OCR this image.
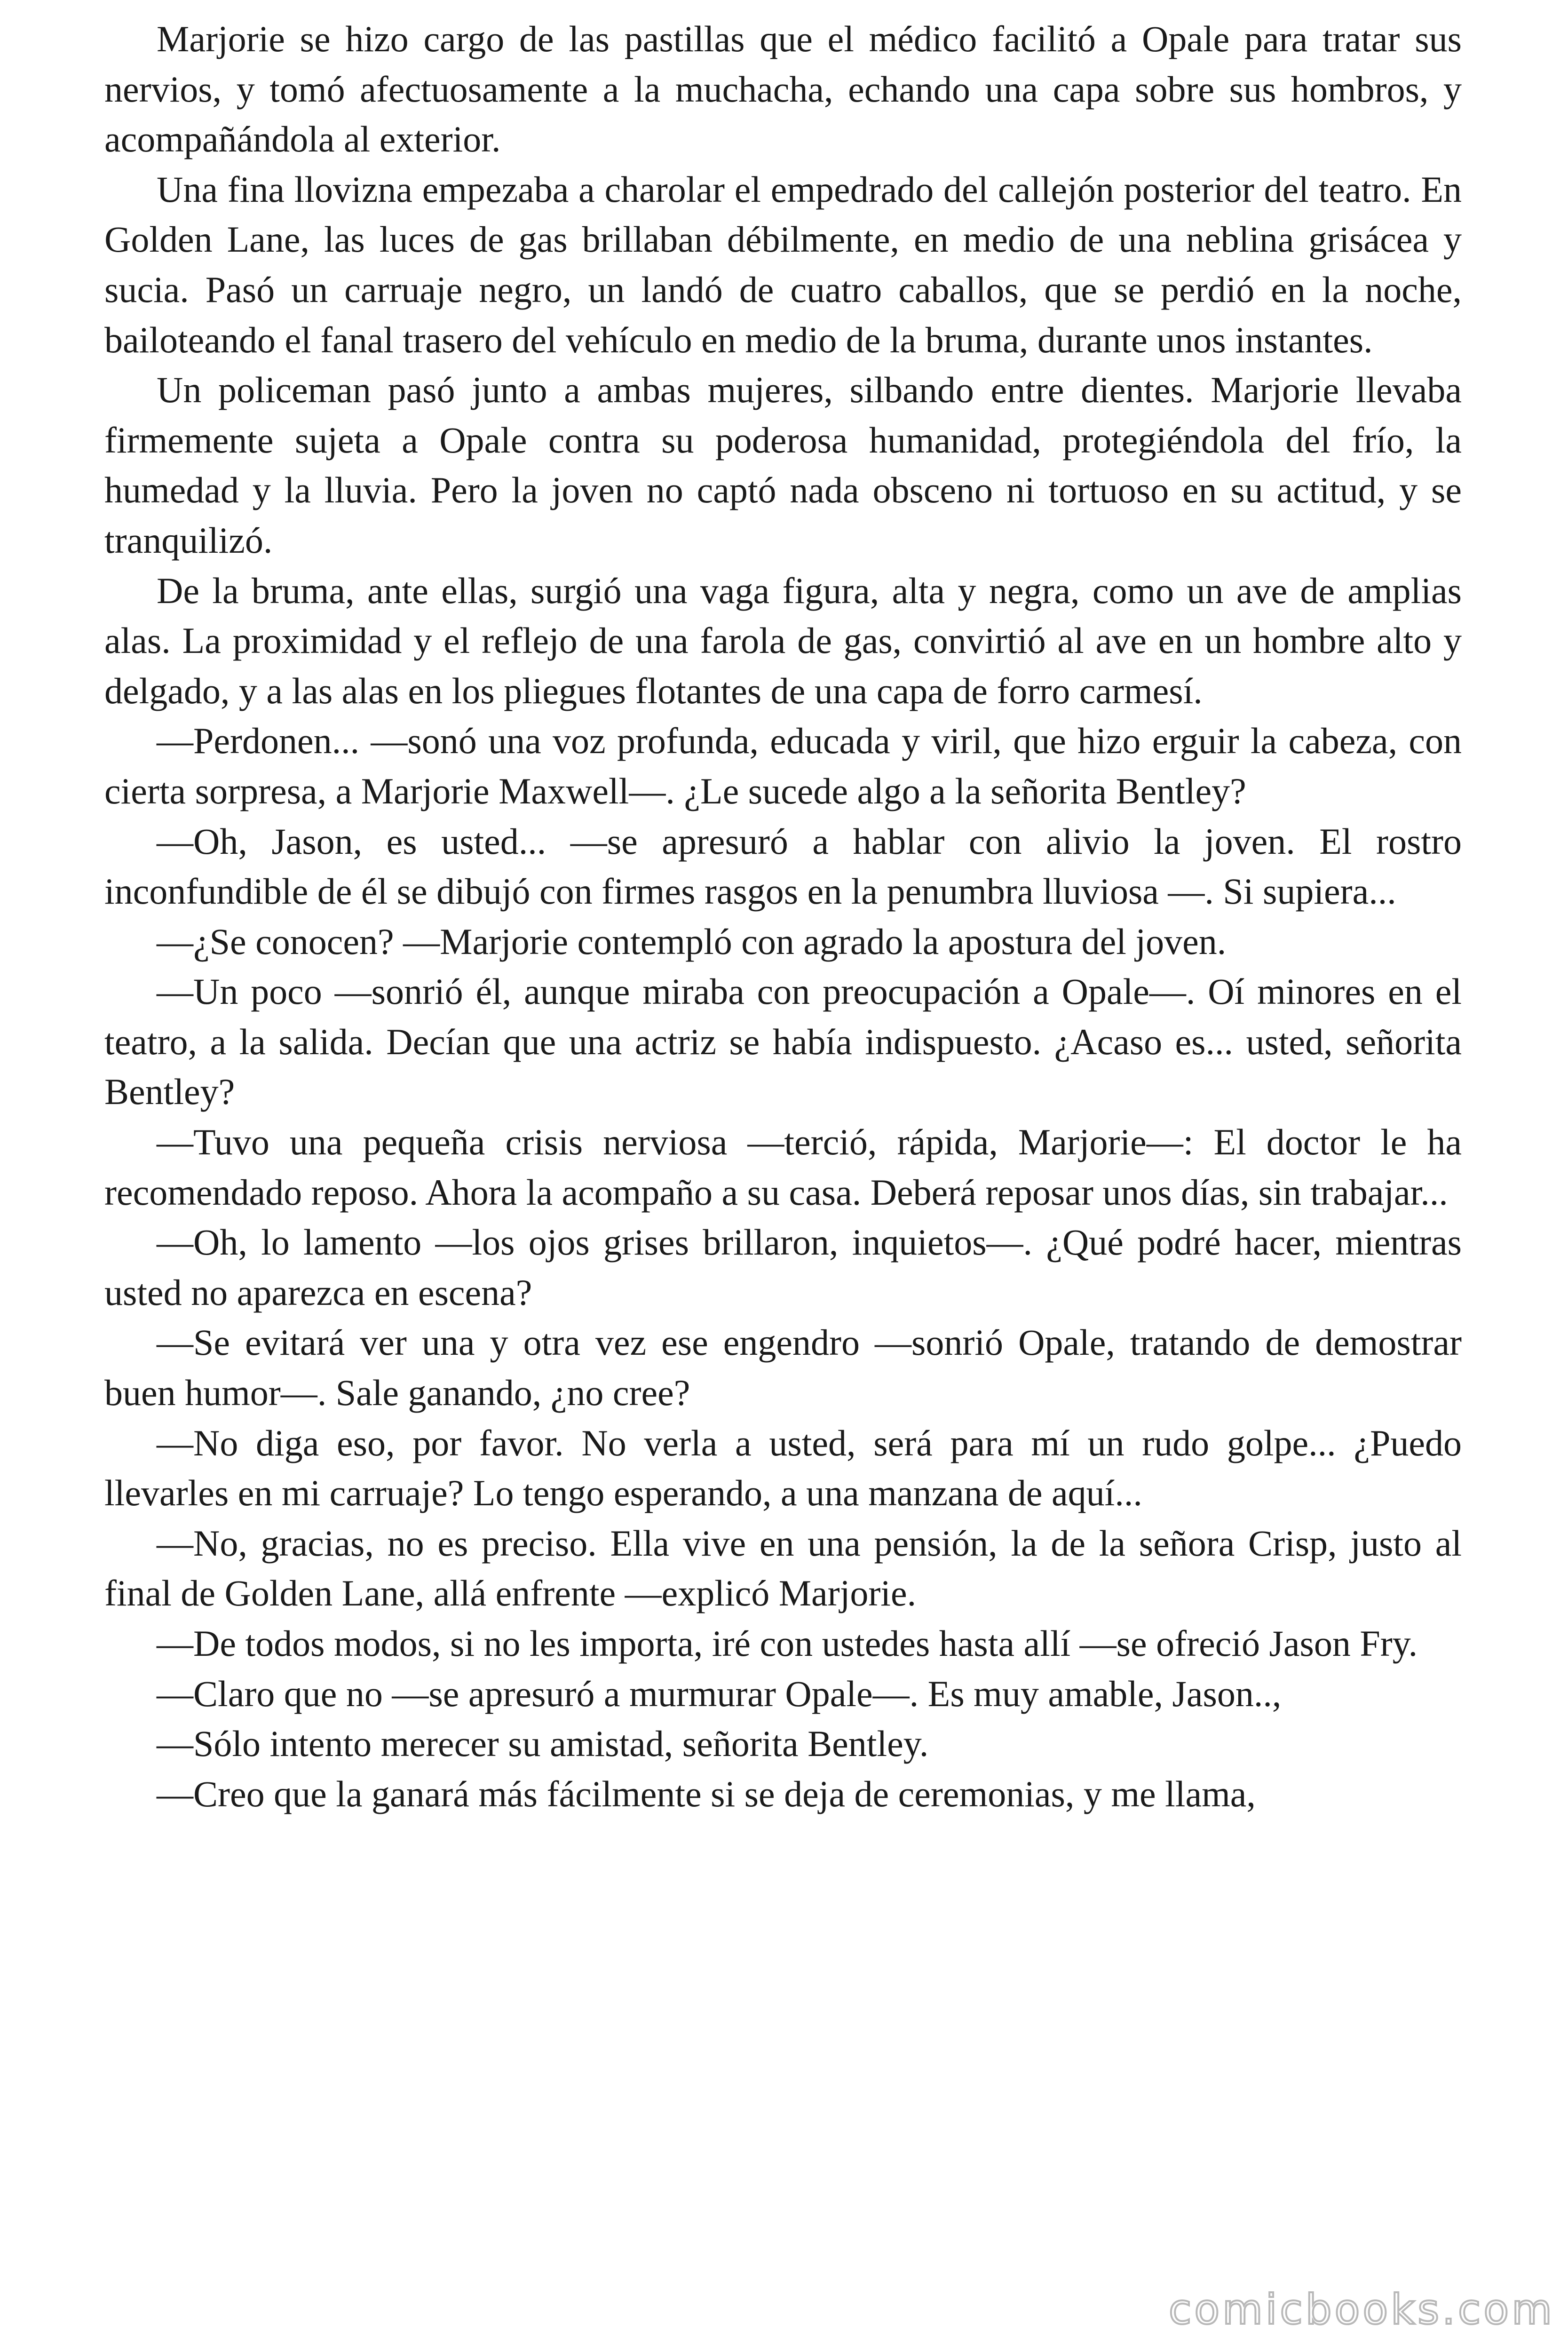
Marjorie se hizo cargo de las pastillas que el médico facilitó a Opale para tratar sus nervios, y tomó afectuosamente a la muchacha, echando una capa sobre sus hombros, y acompañándola al exterior.

Una fina llovizna empezaba a charolar el empedrado del callejón posterior del teatro. En Golden Lane, las luces de gas brillaban débilmente, en medio de una neblina grisácea y sucia. Pasó un carruaje negro, un landó de cuatro caballos, que se perdió en la noche, bailoteando el fanal trasero del vehículo en medio de la bruma, durante unos instantes.

Un policeman pasó junto a ambas mujeres, silbando entre dientes. Marjorie llevaba firmemente sujeta a Opale contra su poderosa humanidad, protegiéndola del frío, la humedad y la lluvia. Pero la joven no captó nada obsceno ni tortuoso en su actitud, y se tranquilizó.

De la bruma, ante ellas, surgió una vaga figura, alta y negra, como un ave de amplias alas. La proximidad y el reflejo de una farola de gas, convirtió al ave en un hombre alto y delgado, y a las alas en los pliegues flotantes de una capa de forro carmesí.

—Perdonen... —sonó una voz profunda, educada y viril, que hizo erguir la cabeza, con cierta sorpresa, a Marjorie Maxwell—. ¿Le sucede algo a la señorita Bentley?

—Oh, Jason, es usted... —se apresuró a hablar con alivio la joven. El rostro inconfundible de él se dibujó con firmes rasgos en la penumbra lluviosa —. Si supiera...

—¿Se conocen? —Marjorie contempló con agrado la apostura del joven.

—Un poco —sonrió él, aunque miraba con preocupación a Opale—. Oí minores en el teatro, a la salida. Decían que una actriz se había indispuesto. ¿Acaso es... usted, señorita Bentley?

—Tuvo una pequeña crisis nerviosa —terció, rápida, Marjorie—: El doctor le ha recomendado reposo. Ahora la acompaño a su casa. Deberá reposar unos días, sin trabajar...

—Oh, lo lamento —los ojos grises brillaron, inquietos—. ¿Qué podré hacer, mientras usted no aparezca en escena?

—Se evitará ver una y otra vez ese engendro —sonrió Opale, tratando de demostrar buen humor—. Sale ganando, ¿no cree?

—No diga eso, por favor. No verla a usted, será para mí un rudo golpe... ¿Puedo llevarles en mi carruaje? Lo tengo esperando, a una manzana de aquí...

—No, gracias, no es preciso. Ella vive en una pensión, la de la señora Crisp, justo al final de Golden Lane, allá enfrente —explicó Marjorie.

—De todos modos, si no les importa, iré con ustedes hasta allí —se ofreció Jason Fry.

—Claro que no —se apresuró a murmurar Opale—. Es muy amable, Jason..,

—Sólo intento merecer su amistad, señorita Bentley.

—Creo que la ganará más fácilmente si se deja de ceremonias, y me llama,

comicbooks.com
